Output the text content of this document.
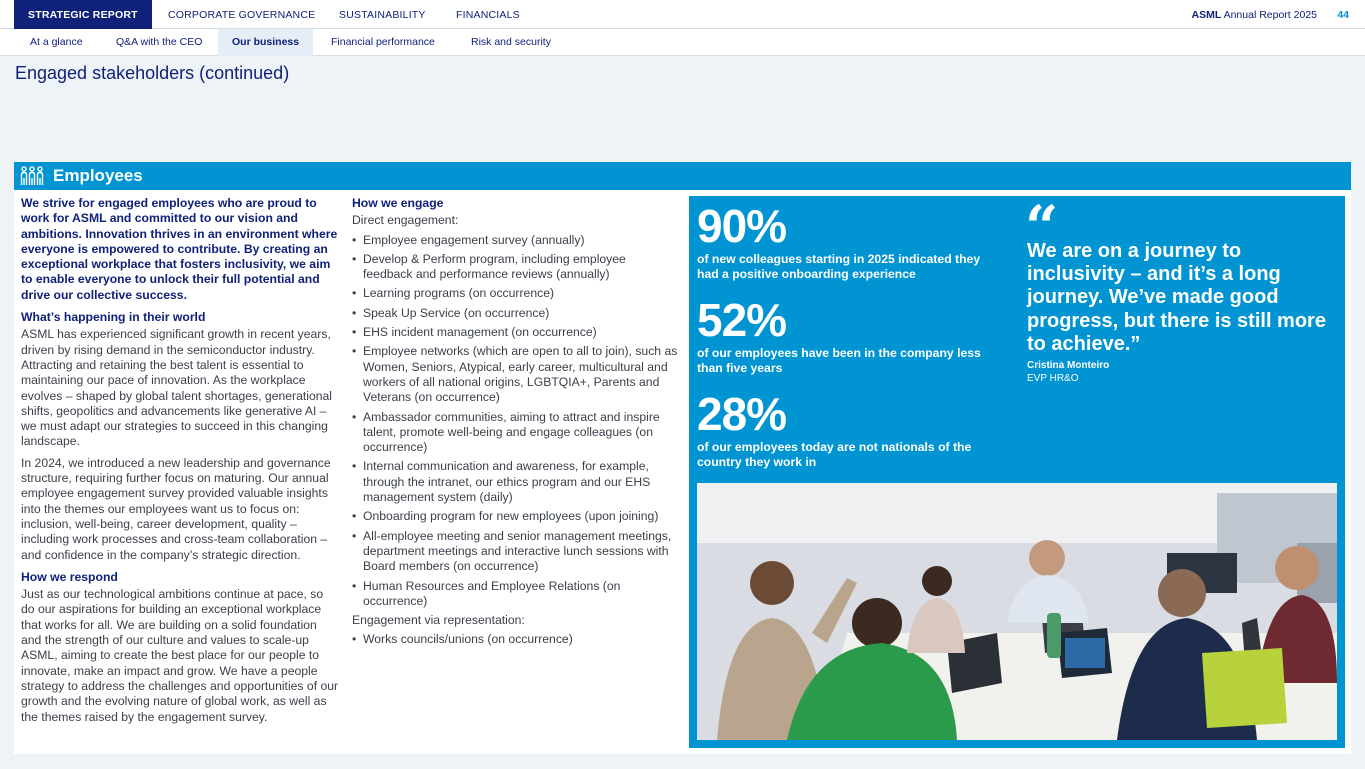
STRATEGIC REPORT	CORPORATE GOVERNANCE SUSTAINABILITY	FINANCIALS	ASML Annual Report 2025 44
At a glance	Q&A with the CEO	Our business	Financial performance	Risk and security
Engaged stakeholders (continued)
Employees

We strive for engaged employees who are proud to work for ASML and committed to our vision and ambitions. Innovation thrives in an environment where everyone is empowered to contribute. By creating an exceptional workplace that fosters inclusivity, we aim to enable everyone to unlock their full potential and drive our collective success.

What’s happening in their world

ASML has experienced significant growth in recent years, driven by rising demand in the semiconductor industry. Attracting and retaining the best talent is essential to maintaining our pace of innovation. As the workplace evolves – shaped by global talent shortages, generational shifts, geopolitics and advancements like generative AI – we must adapt our strategies to succeed in this changing landscape.

In 2024, we introduced a new leadership and governance structure, requiring further focus on maturing. Our annual employee engagement survey provided valuable insights into the themes our employees want us to focus on: inclusion, well-being, career development, quality – including work processes and cross-team collaboration – and confidence in the company’s strategic direction.

How we respond

Just as our technological ambitions continue at pace, so do our aspirations for building an exceptional workplace that works for all. We are building on a solid foundation and the strength of our culture and values to scale-up ASML, aiming to create the best place for our people to innovate, make an impact and grow. We have a people strategy to address the challenges and opportunities of our growth and the evolving nature of global work, as well as the themes raised by the engagement survey.

How we engage
Direct engagement:
• Employee engagement survey (annually)
• Develop & Perform program, including employee feedback and performance reviews (annually)
• Learning programs (on occurrence)
• Speak Up Service (on occurrence)
• EHS incident management (on occurrence)
• Employee networks (which are open to all to join), such as Women, Seniors, Atypical, early career, multicultural and workers of all national origins, LGBTQIA+, Parents and Veterans (on occurrence)
• Ambassador communities, aiming to attract and inspire talent, promote well-being and engage colleagues (on occurrence)
• Internal communication and awareness, for example, through the intranet, our ethics program and our EHS management system (daily)
• Onboarding program for new employees (upon joining)
• All-employee meeting and senior management meetings, department meetings and interactive lunch sessions with Board members (on occurrence)
• Human Resources and Employee Relations (on occurrence)
Engagement via representation:
• Works councils/unions (on occurrence)
90%
of new colleagues starting in 2025 indicated they had a positive onboarding experience
52%
of our employees have been in the company less than five years
28%
of our employees today are not nationals of the country they work in
“
We are on a journey to inclusivity – and it’s a long journey. We’ve made good progress, but there is still more to achieve.”
Cristina Monteiro
EVP HR&O
